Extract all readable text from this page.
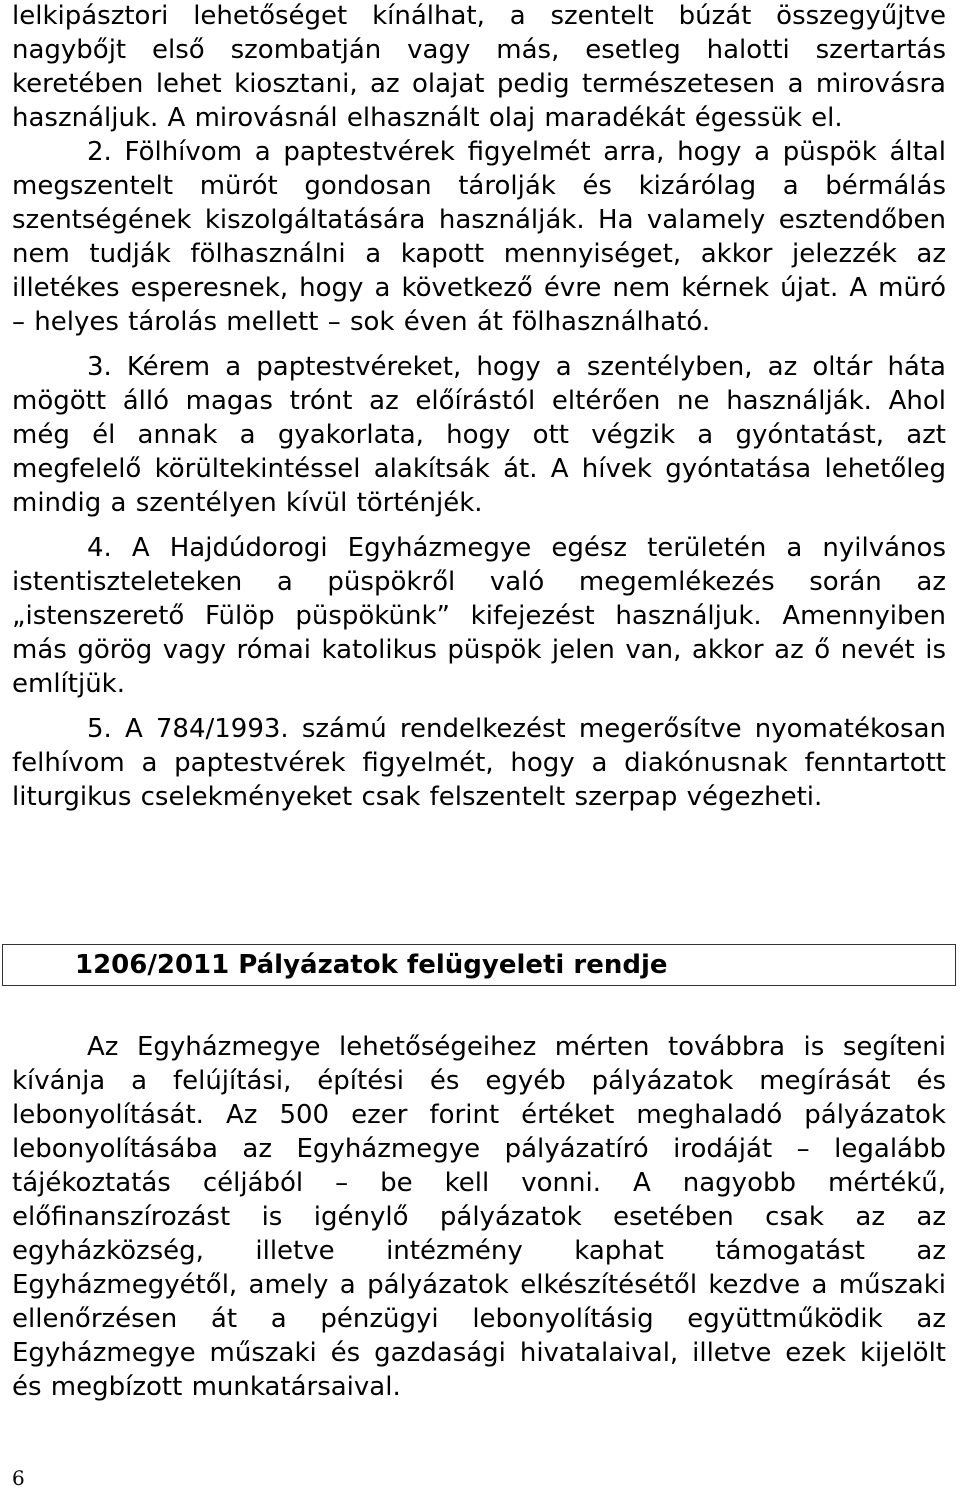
lelkipásztori lehetőséget kínálhat, a szentelt búzát összegyűjtve nagybőjt első szombatján vagy más, esetleg halotti szertartás keretében lehet kiosztani, az olajat pedig természetesen a mirovásra használjuk. A mirovásnál elhasznált olaj maradékát égessük el.

2. Fölhívom a paptestvérek figyelmét arra, hogy a püspök által megszentelt mürót gondosan tárolják és kizárólag a bérmálás szentségének kiszolgáltatására használják. Ha valamely esztendőben nem tudják fölhasználni a kapott mennyiséget, akkor jelezzék az illetékes esperesnek, hogy a következő évre nem kérnek újat. A müró – helyes tárolás mellett – sok éven át fölhasználható.

3. Kérem a paptestvéreket, hogy a szentélyben, az oltár háta mögött álló magas trónt az előírástól eltérően ne használják. Ahol még él annak a gyakorlata, hogy ott végzik a gyóntatást, azt megfelelő körültekintéssel alakítsák át. A hívek gyóntatása lehetőleg mindig a szentélyen kívül történjék.

4. A Hajdúdorogi Egyházmegye egész területén a nyilvános istentiszteleteken a püspökről való megemlékezés során az „istenszerető Fülöp püspökünk” kifejezést használjuk. Amennyiben más görög vagy római katolikus püspök jelen van, akkor az ő nevét is említjük.

5. A 784/1993. számú rendelkezést megerősítve nyomatékosan felhívom a paptestvérek figyelmét, hogy a diakónusnak fenntartott liturgikus cselekményeket csak felszentelt szerpap végezheti.

1206/2011 Pályázatok felügyeleti rendje

Az Egyházmegye lehetőségeihez mérten továbbra is segíteni kívánja a felújítási, építési és egyéb pályázatok megírását és lebonyolítását. Az 500 ezer forint értéket meghaladó pályázatok lebonyolításába az Egyházmegye pályázatíró irodáját – legalább tájékoztatás céljából – be kell vonni. A nagyobb mértékű, előfinanszírozást is igénylő pályázatok esetében csak az az egyházközség, illetve intézmény kaphat támogatást az Egyházmegyétől, amely a pályázatok elkészítésétől kezdve a műszaki ellenőrzésen át a pénzügyi lebonyolításig együttműködik az Egyházmegye műszaki és gazdasági hivatalaival, illetve ezek kijelölt és megbízott munkatársaival.

6
